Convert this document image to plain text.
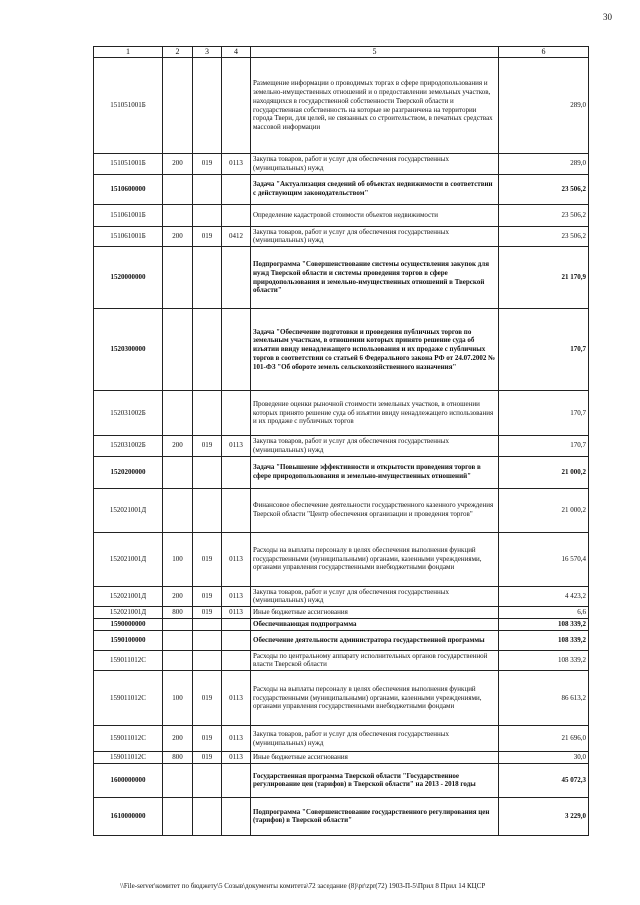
30
1	2	3	4	5	6
151051001Б				Размещение информации о проводимых торгах в сфере природопользования и земельно-имущественных отношений и о предоставлении земельных участков, находящихся в государственной собственности Тверской области и государственная собственность на которые не разграничена на территории города Твери, для целей, не связанных со строительством, в печатных средствах массовой информации	289,0
151051001Б	200	019	0113	Закупка товаров, работ и услуг для обеспечения государственных (муниципальных) нужд	289,0
1510600000				Задача "Актуализация сведений об объектах недвижимости в соответствии с действующим законодательством"	23 506,2
151061001Б				Определение кадастровой стоимости объектов недвижимости	23 506,2
151061001Б	200	019	0412	Закупка товаров, работ и услуг для обеспечения государственных (муниципальных) нужд	23 506,2
1520000000				Подпрограмма "Совершенствование системы осуществления закупок для нужд Тверской области и системы проведения торгов в сфере природопользования и земельно-имущественных отношений в Тверской области"	21 170,9
1520300000				Задача "Обеспечение подготовки и проведения публичных торгов по земельным участкам, в отношении которых принято решение суда об изъятии ввиду ненадлежащего использования и их продаже с публичных торгов в соответствии со статьей 6 Федерального закона РФ от 24.07.2002 № 101-ФЗ "Об обороте земель сельскохозяйственного назначения"	170,7
152031002Б				Проведение оценки рыночной стоимости земельных участков, в отношении которых принято решение суда об изъятии ввиду ненадлежащего использования и их продаже с публичных торгов	170,7
152031002Б	200	019	0113	Закупка товаров, работ и услуг для обеспечения государственных (муниципальных) нужд	170,7
1520200000				Задача "Повышение эффективности и открытости проведения торгов в сфере природопользования и земельно-имущественных отношений"	21 000,2
152021001Д				Финансовое обеспечение деятельности государственного казенного учреждения Тверской области "Центр обеспечения организации и проведения торгов"	21 000,2
152021001Д	100	019	0113	Расходы на выплаты персоналу в целях обеспечения выполнения функций государственными (муниципальными) органами, казенными учреждениями, органами управления государственными внебюджетными фондами	16 570,4
152021001Д	200	019	0113	Закупка товаров, работ и услуг для обеспечения государственных (муниципальных) нужд	4 423,2
152021001Д	800	019	0113	Иные бюджетные ассигнования	6,6
1590000000				Обеспечивающая подпрограмма	108 339,2
1590100000				Обеспечение деятельности администратора государственной программы	108 339,2
159011012С				Расходы по центральному аппарату исполнительных органов государственной власти Тверской области	108 339,2
159011012С	100	019	0113	Расходы на выплаты персоналу в целях обеспечения выполнения функций государственными (муниципальными) органами, казенными учреждениями, органами управления государственными внебюджетными фондами	86 613,2
159011012С	200	019	0113	Закупка товаров, работ и услуг для обеспечения государственных (муниципальных) нужд	21 696,0
159011012С	800	019	0113	Иные бюджетные ассигнования	30,0
1600000000				Государственная программа Тверской области "Государственное регулирование цен (тарифов) в Тверской области" на 2013 - 2018 годы	45 072,3
1610000000				Подпрограмма "Совершенствование государственного регулирования цен (тарифов) в Тверской области"	3 229,0
\\File-server\комитет по бюджету\5 Созыв\документы комитета\72 заседание (8)\pr\zpr(72) 1903-П-5\Прил 8 Прил 14 КЦСР
